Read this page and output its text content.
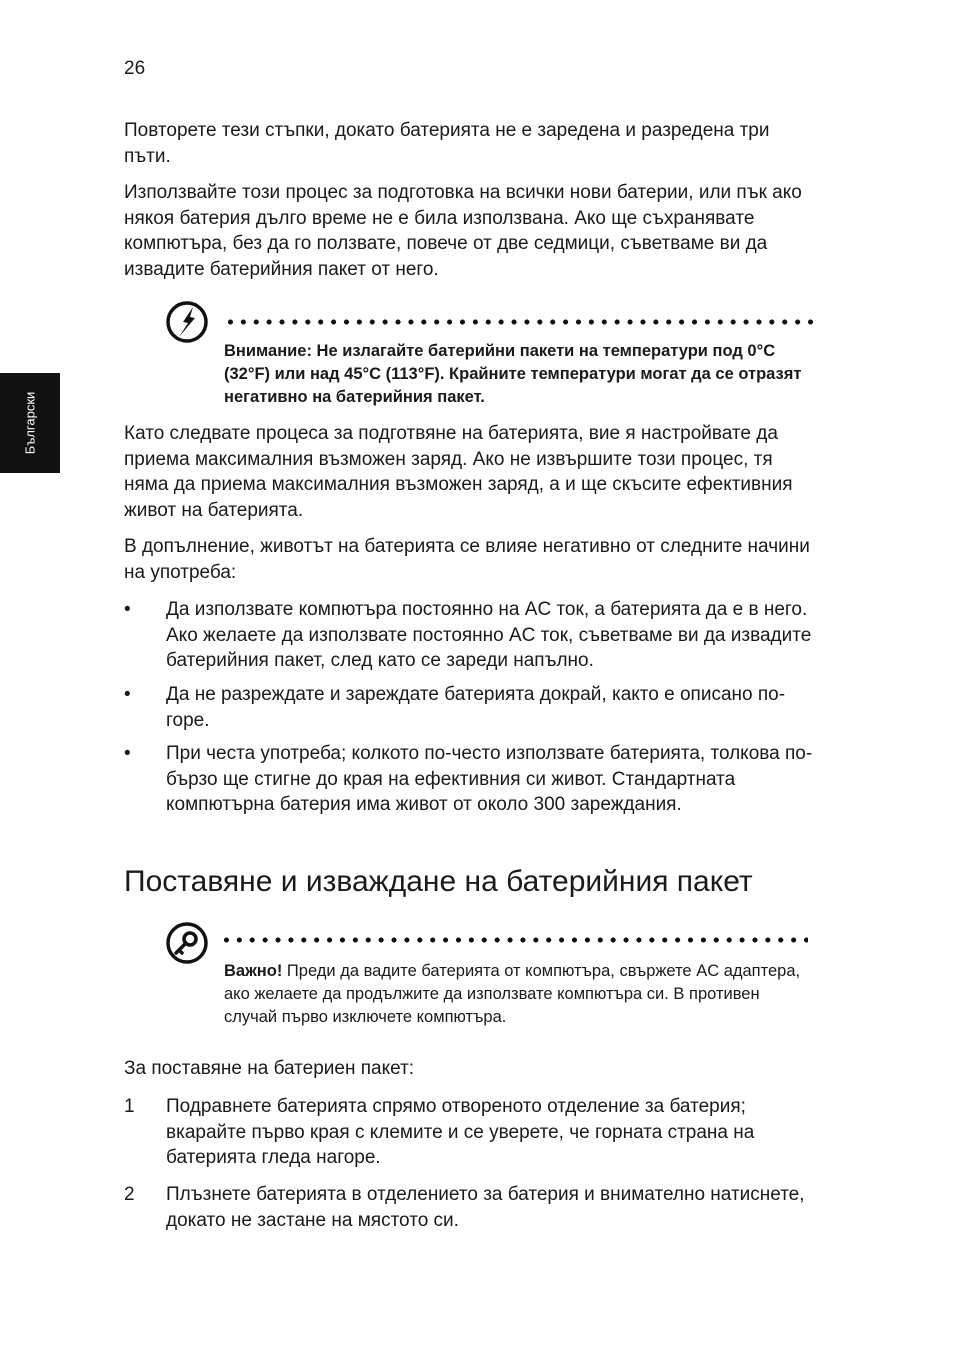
26
Български

Повторете тези стъпки, докато батерията не е заредена и разредена три пъти.

Използвайте този процес за подготовка на всички нови батерии, или пък ако някоя батерия дълго време не е била използвана. Ако ще съхранявате компютъра, без да го ползвате, повече от две седмици, съветваме ви да извадите батерийния пакет от него.

Внимание: Не излагайте батерийни пакети на температури под 0°C (32°F) или над 45°C (113°F). Крайните температури могат да се отразят негативно на батерийния пакет.

Като следвате процеса за подготвяне на батерията, вие я настройвате да приема максималния възможен заряд. Ако не извършите този процес, тя няма да приема максималния възможен заряд, а и ще скъсите ефективния живот на батерията.

В допълнение, животът на батерията се влияе негативно от следните начини на употреба:

• Да използвате компютъра постоянно на AC ток, а батерията да е в него. Ако желаете да използвате постоянно AC ток, съветваме ви да извадите батерийния пакет, след като се зареди напълно.

• Да не разреждате и зареждате батерията докрай, както е описано по-горе.

• При честа употреба; колкото по-често използвате батерията, толкова по-бързо ще стигне до края на ефективния си живот. Стандартната компютърна батерия има живот от около 300 зареждания.

Поставяне и изваждане на батерийния пакет

Важно! Преди да вадите батерията от компютъра, свържете AC адаптера, ако желаете да продължите да използвате компютъра си. В противен случай първо изключете компютъра.

За поставяне на батериен пакет:

1 Подравнете батерията спрямо отвореното отделение за батерия; вкарайте първо края с клемите и се уверете, че горната страна на батерията гледа нагоре.

2 Плъзнете батерията в отделението за батерия и внимателно натиснете, докато не застане на мястото си.
